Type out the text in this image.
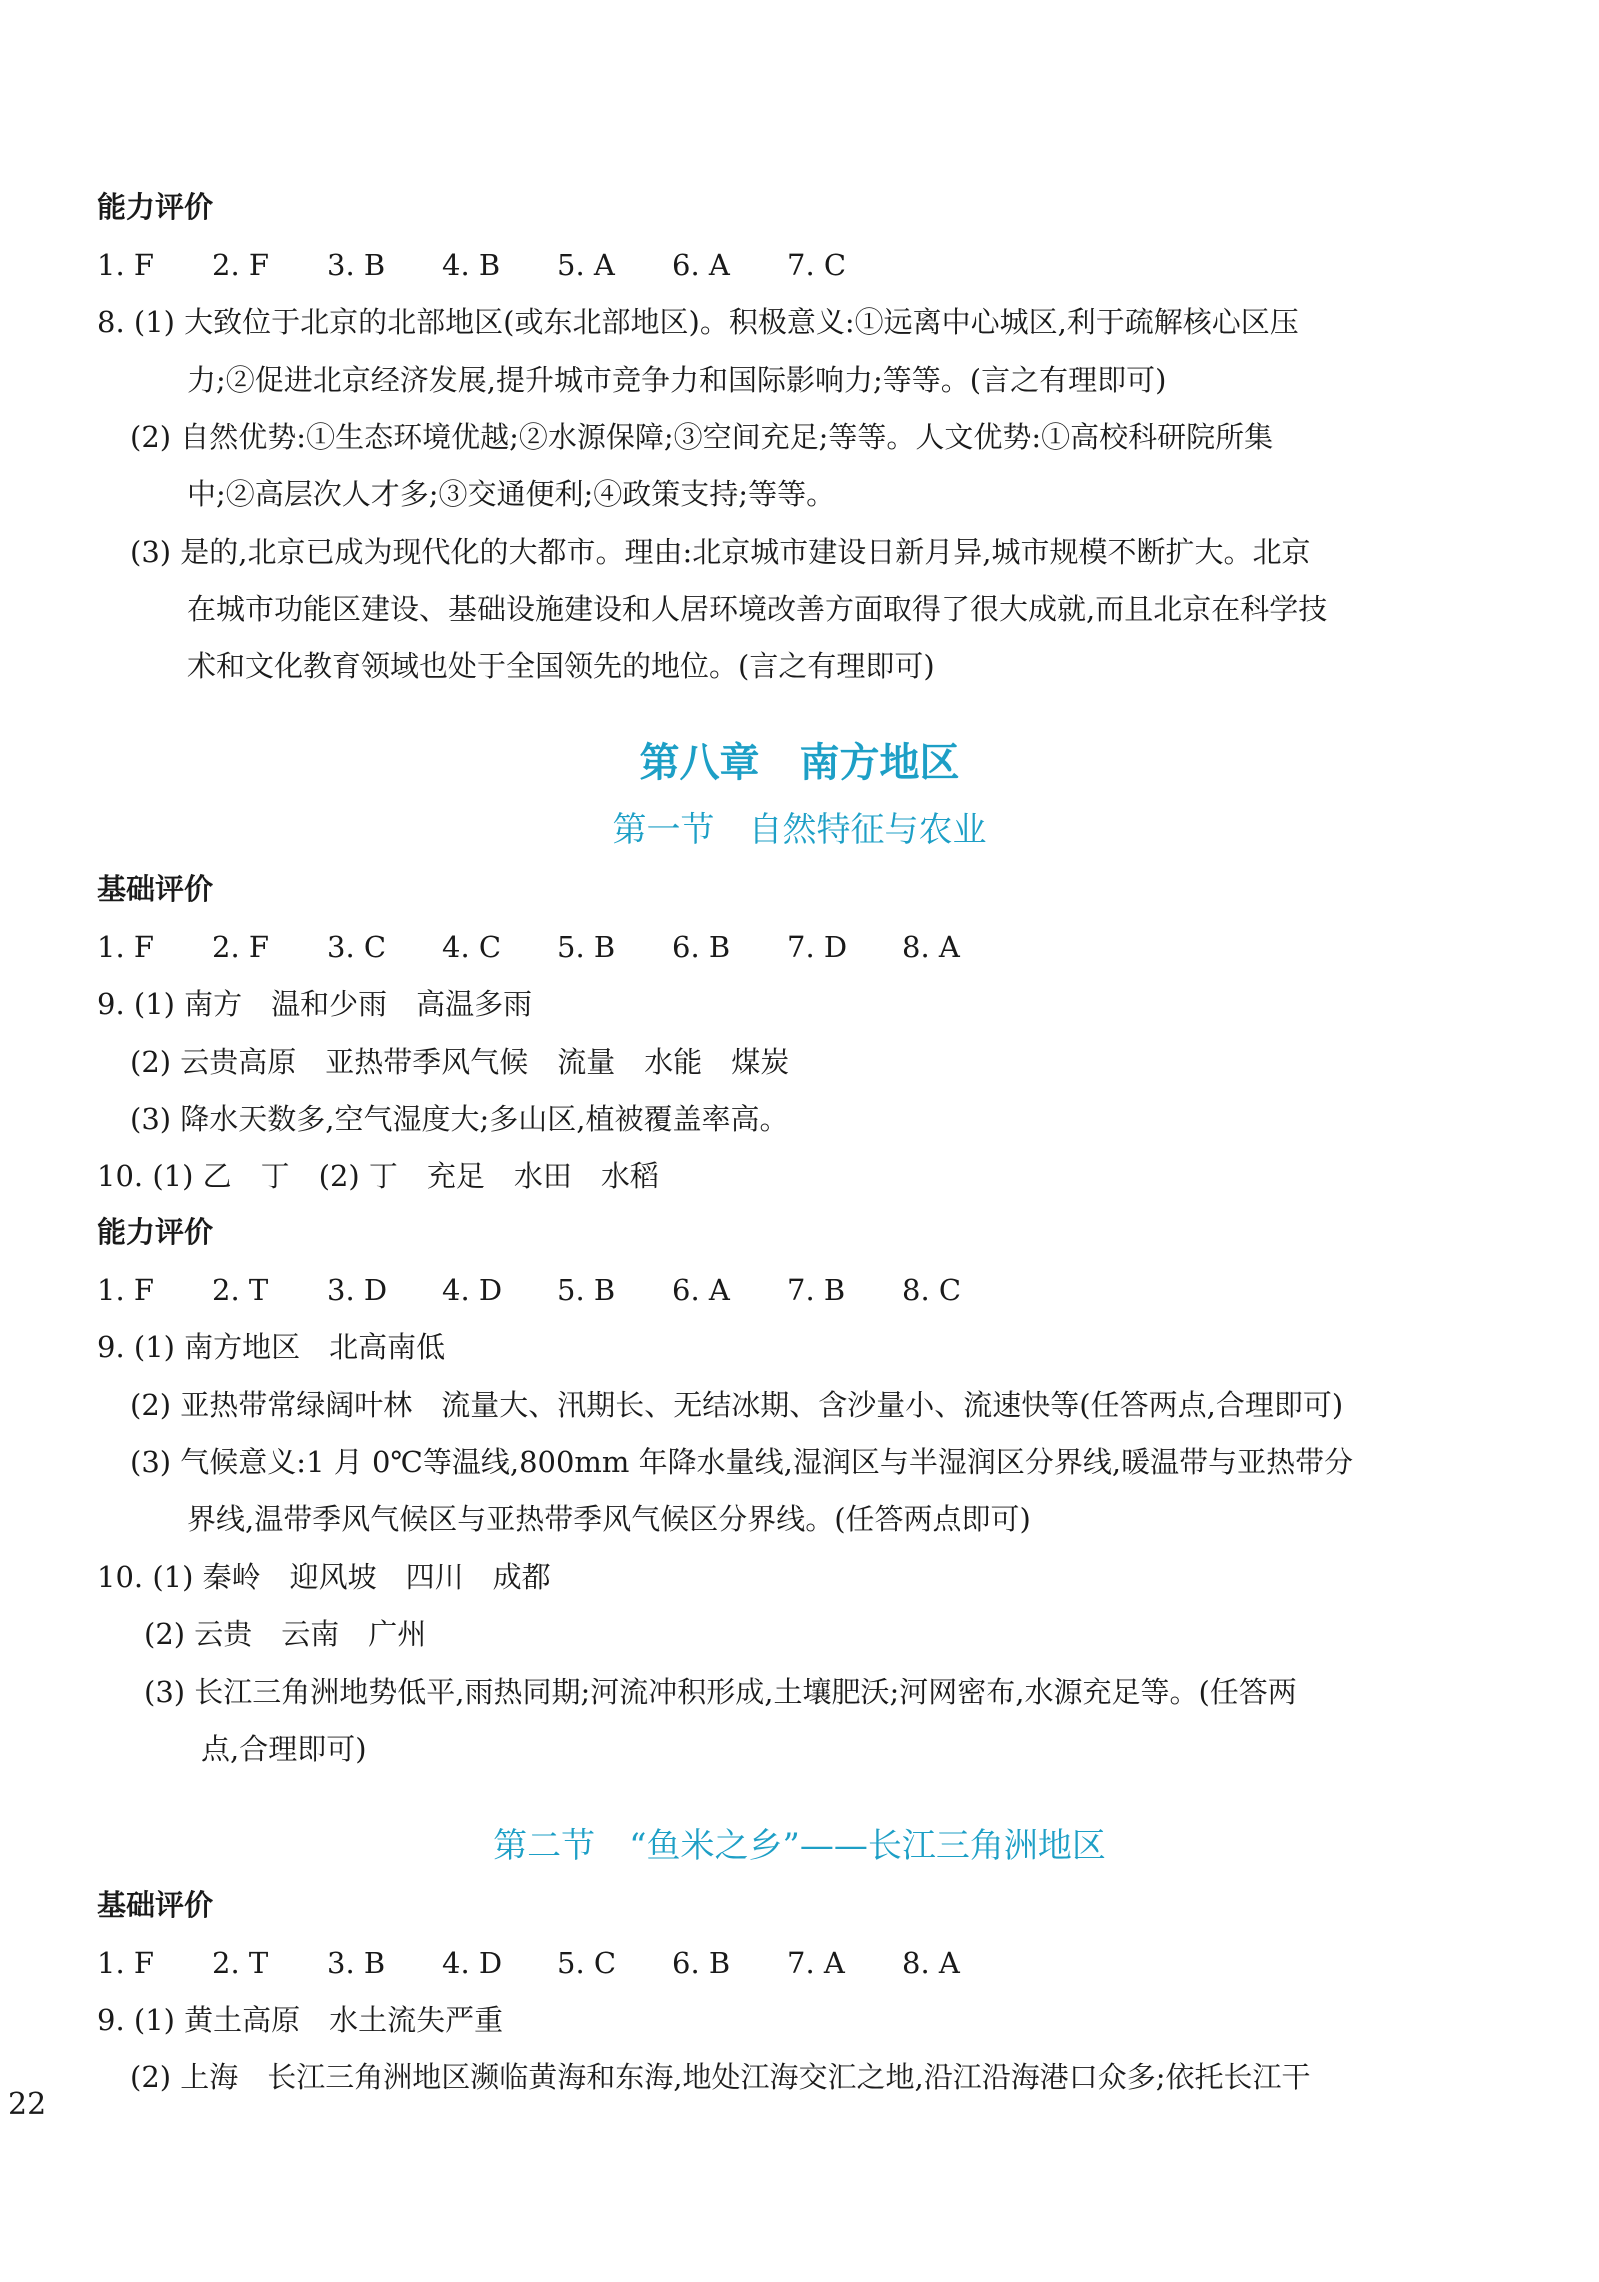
能力评价
1. F	2. F	3. B	4. B	5. A	6. A	7. C
8. (1) 大致位于北京的北部地区(或东北部地区)。积极意义:①远离中心城区,利于疏解核心区压
力;②促进北京经济发展,提升城市竞争力和国际影响力;等等。(言之有理即可)
(2) 自然优势:①生态环境优越;②水源保障;③空间充足;等等。人文优势:①高校科研院所集
中;②高层次人才多;③交通便利;④政策支持;等等。
(3) 是的,北京已成为现代化的大都市。理由:北京城市建设日新月异,城市规模不断扩大。北京
在城市功能区建设、基础设施建设和人居环境改善方面取得了很大成就,而且北京在科学技
术和文化教育领域也处于全国领先的地位。(言之有理即可)
第八章　南方地区
第一节　自然特征与农业
基础评价
1. F	2. F	3. C	4. C	5. B	6. B	7. D	8. A
9. (1) 南方　温和少雨　高温多雨
(2) 云贵高原　亚热带季风气候　流量　水能　煤炭
(3) 降水天数多,空气湿度大;多山区,植被覆盖率高。
10. (1) 乙　丁　(2) 丁　充足　水田　水稻
能力评价
1. F	2. T	3. D	4. D	5. B	6. A	7. B	8. C
9. (1) 南方地区　北高南低
(2) 亚热带常绿阔叶林　流量大、汛期长、无结冰期、含沙量小、流速快等(任答两点,合理即可)
(3) 气候意义:1 月 0℃等温线,800mm 年降水量线,湿润区与半湿润区分界线,暖温带与亚热带分
界线,温带季风气候区与亚热带季风气候区分界线。(任答两点即可)
10. (1) 秦岭　迎风坡　四川　成都
(2) 云贵　云南　广州
(3) 长江三角洲地势低平,雨热同期;河流冲积形成,土壤肥沃;河网密布,水源充足等。(任答两
点,合理即可)
第二节　“鱼米之乡”——长江三角洲地区
基础评价
1. F	2. T	3. B	4. D	5. C	6. B	7. A	8. A
9. (1) 黄土高原　水土流失严重
(2) 上海　长江三角洲地区濒临黄海和东海,地处江海交汇之地,沿江沿海港口众多;依托长江干
22
